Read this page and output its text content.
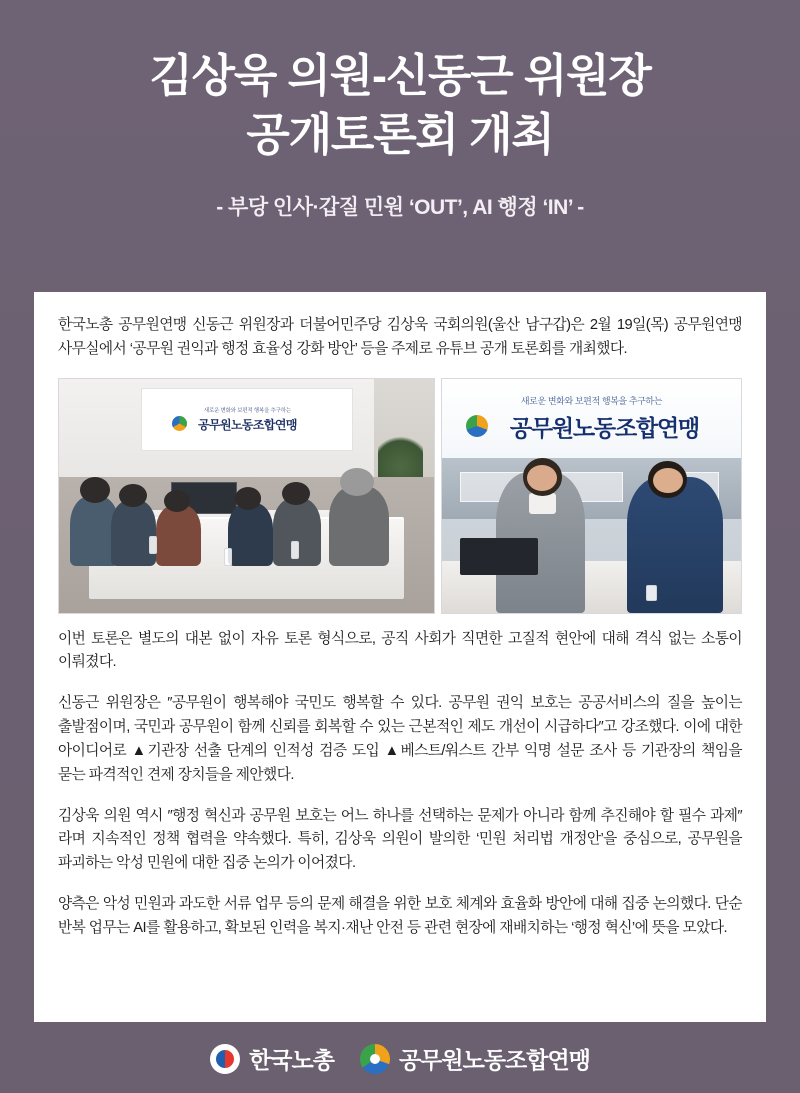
김상욱 의원-신동근 위원장
공개토론회 개최
- 부당 인사·갑질 민원 ‘OUT’, AI 행정 ‘IN’ -

한국노총 공무원연맹 신동근 위원장과 더불어민주당 김상욱 국회의원(울산 남구갑)은 2월 19일(목) 공무원연맹 사무실에서 ‘공무원 권익과 행정 효율성 강화 방안’ 등을 주제로 유튜브 공개 토론회를 개최했다.

새로운 변화와 보편적 행복을 추구하는
공무원노동조합연맹
새로운 변화와 보편적 행복을 추구하는
공무원노동조합연맹

이번 토론은 별도의 대본 없이 자유 토론 형식으로, 공직 사회가 직면한 고질적 현안에 대해 격식 없는 소통이 이뤄졌다.

신동근 위원장은 ″공무원이 행복해야 국민도 행복할 수 있다. 공무원 권익 보호는 공공서비스의 질을 높이는 출발점이며, 국민과 공무원이 함께 신뢰를 회복할 수 있는 근본적인 제도 개선이 시급하다″고 강조했다. 이에 대한 아이디어로 ▲기관장 선출 단계의 인적성 검증 도입 ▲베스트/워스트 간부 익명 설문 조사 등 기관장의 책임을 묻는 파격적인 견제 장치들을 제안했다.

김상욱 의원 역시 ″행정 혁신과 공무원 보호는 어느 하나를 선택하는 문제가 아니라 함께 추진해야 할 필수 과제″라며 지속적인 정책 협력을 약속했다. 특히, 김상욱 의원이 발의한 ‘민원 처리법 개정안’을 중심으로, 공무원을 파괴하는 악성 민원에 대한 집중 논의가 이어졌다.

양측은 악성 민원과 과도한 서류 업무 등의 문제 해결을 위한 보호 체계와 효율화 방안에 대해 집중 논의했다. 단순 반복 업무는 AI를 활용하고, 확보된 인력을 복지·재난 안전 등 관련 현장에 재배치하는 ‘행정 혁신’에 뜻을 모았다.

한국노총	공무원노동조합연맹
